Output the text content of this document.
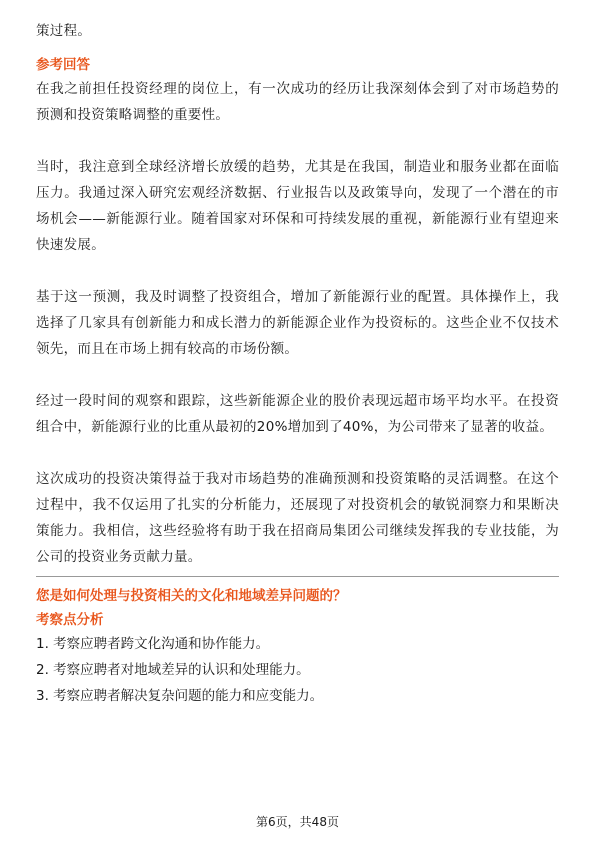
策过程。

参考回答

在我之前担任投资经理的岗位上，有一次成功的经历让我深刻体会到了对市场趋势的预测和投资策略调整的重要性。

当时，我注意到全球经济增长放缓的趋势，尤其是在我国，制造业和服务业都在面临压力。我通过深入研究宏观经济数据、行业报告以及政策导向，发现了一个潜在的市场机会——新能源行业。随着国家对环保和可持续发展的重视，新能源行业有望迎来快速发展。

基于这一预测，我及时调整了投资组合，增加了新能源行业的配置。具体操作上，我选择了几家具有创新能力和成长潜力的新能源企业作为投资标的。这些企业不仅技术领先，而且在市场上拥有较高的市场份额。

经过一段时间的观察和跟踪，这些新能源企业的股价表现远超市场平均水平。在投资组合中，新能源行业的比重从最初的20%增加到了40%，为公司带来了显著的收益。

这次成功的投资决策得益于我对市场趋势的准确预测和投资策略的灵活调整。在这个过程中，我不仅运用了扎实的分析能力，还展现了对投资机会的敏锐洞察力和果断决策能力。我相信，这些经验将有助于我在招商局集团公司继续发挥我的专业技能，为公司的投资业务贡献力量。

您是如何处理与投资相关的文化和地域差异问题的？

考察点分析

1. 考察应聘者跨文化沟通和协作能力。

2. 考察应聘者对地域差异的认识和处理能力。

3. 考察应聘者解决复杂问题的能力和应变能力。

第6页，共48页
